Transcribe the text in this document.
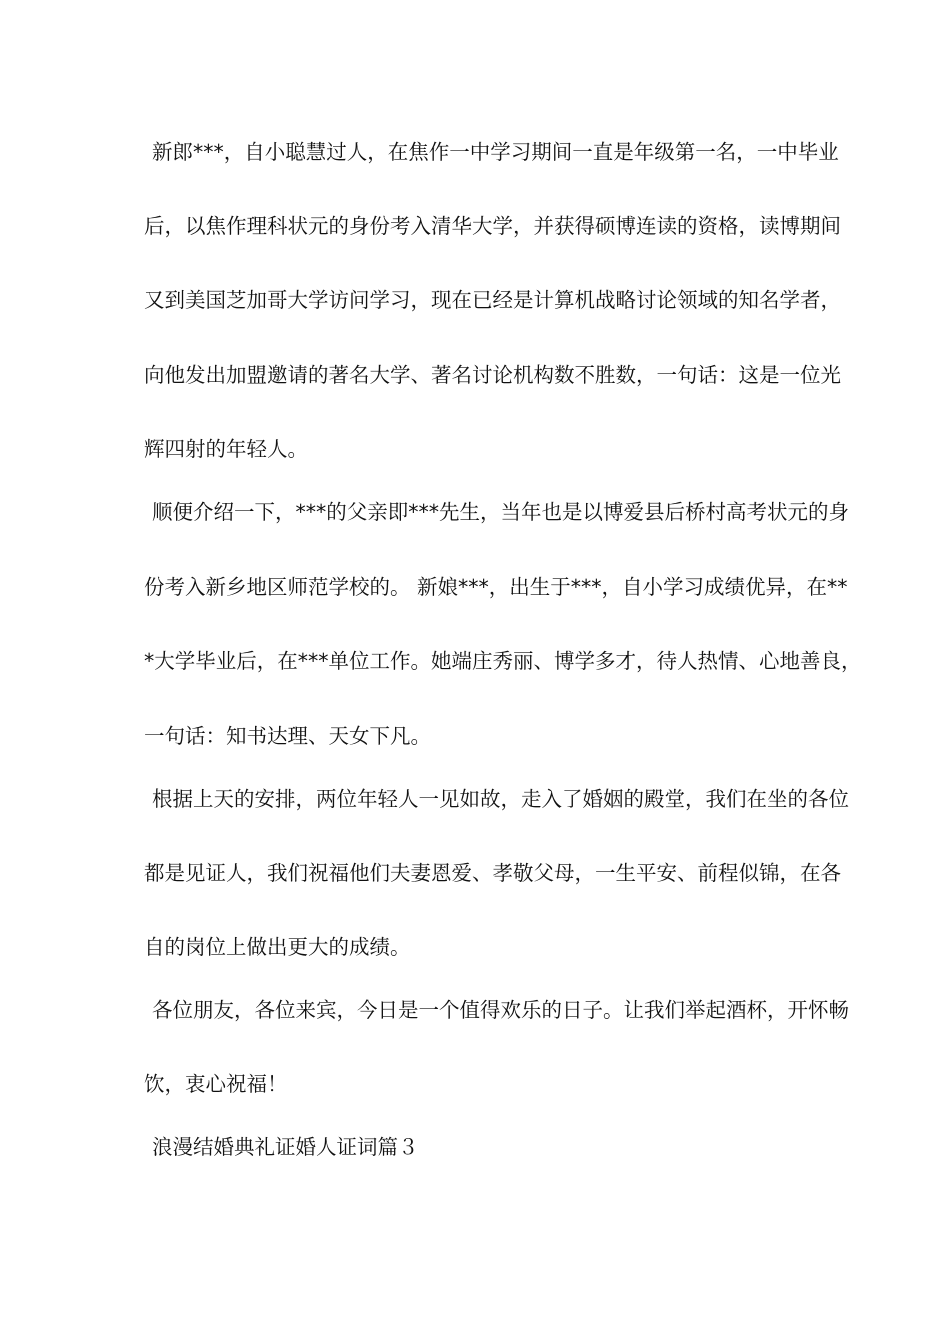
新郎***，自小聪慧过人，在焦作一中学习期间一直是年级第一名，一中毕业
后，以焦作理科状元的身份考入清华大学，并获得硕博连读的资格，读博期间
又到美国芝加哥大学访问学习，现在已经是计算机战略讨论领域的知名学者，
向他发出加盟邀请的著名大学、著名讨论机构数不胜数，一句话：这是一位光
辉四射的年轻人。
顺便介绍一下，***的父亲即***先生，当年也是以博爱县后桥村高考状元的身
份考入新乡地区师范学校的。 新娘***，出生于***，自小学习成绩优异，在**
*大学毕业后，在***单位工作。她端庄秀丽、博学多才，待人热情、心地善良，
一句话：知书达理、天女下凡。
根据上天的安排，两位年轻人一见如故，走入了婚姻的殿堂，我们在坐的各位
都是见证人，我们祝福他们夫妻恩爱、孝敬父母，一生平安、前程似锦，在各
自的岗位上做出更大的成绩。
各位朋友，各位来宾，今日是一个值得欢乐的日子。让我们举起酒杯，开怀畅
饮，衷心祝福！
浪漫结婚典礼证婚人证词篇３
